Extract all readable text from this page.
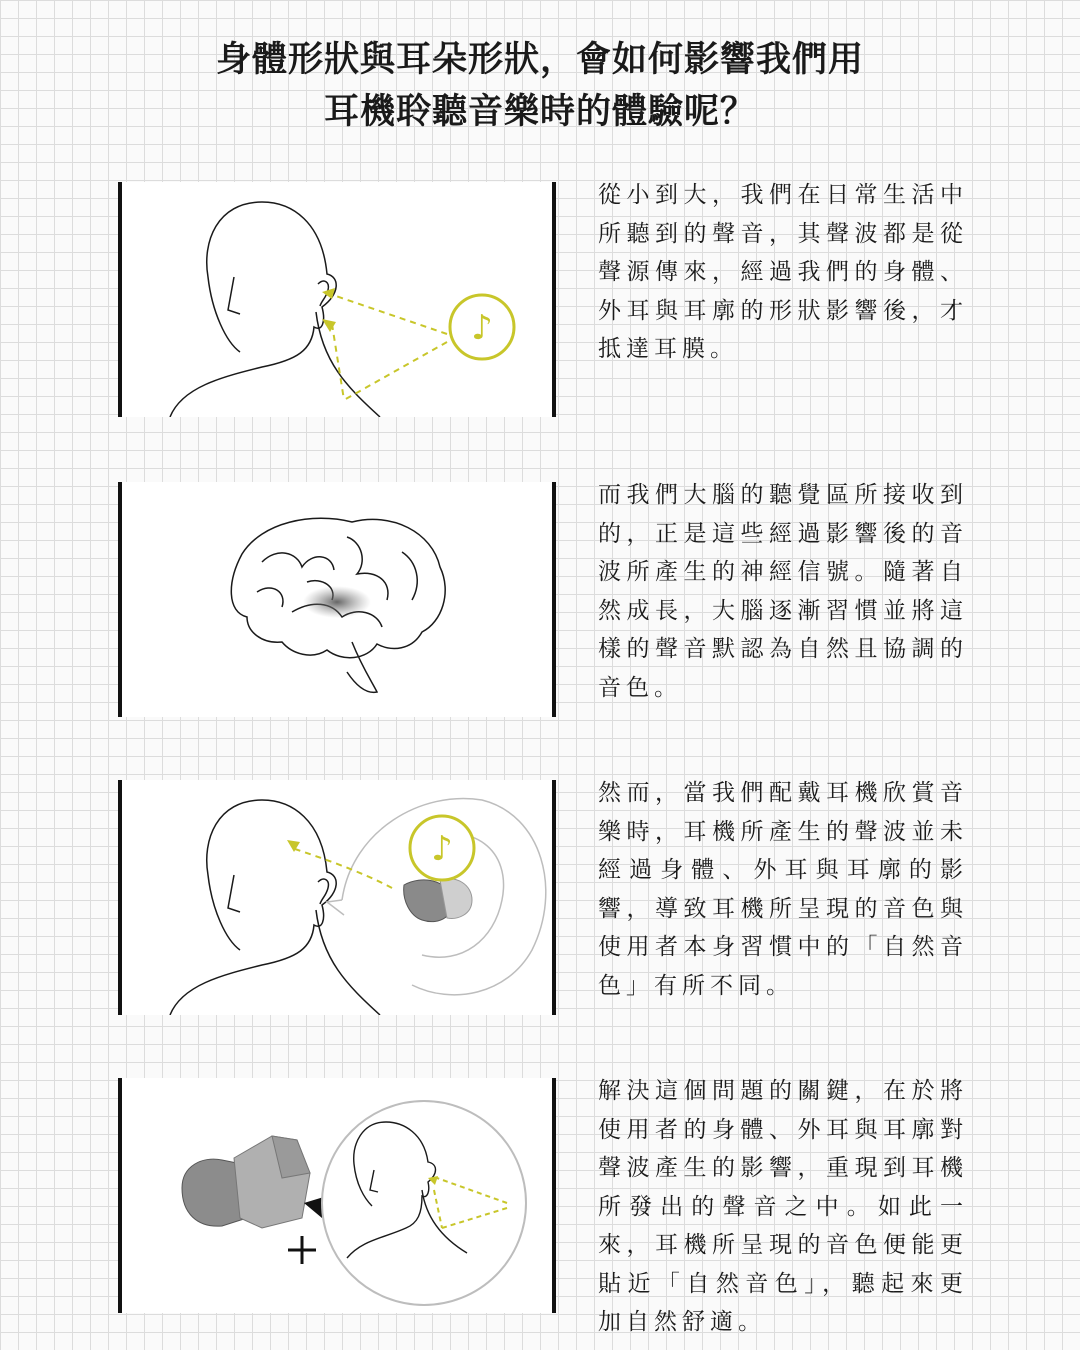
身體形狀與耳朵形狀，會如何影響我們用
耳機聆聽音樂時的體驗呢？
♪
從小到大，我們在日常生活中所聽到的聲音，其聲波都是從聲源傳來，經過我們的身體、外耳與耳廓的形狀影響後，才抵達耳膜。
而我們大腦的聽覺區所接收到的，正是這些經過影響後的音波所產生的神經信號。隨著自然成長，大腦逐漸習慣並將這樣的聲音默認為自然且協調的音色。
♪
然而，當我們配戴耳機欣賞音樂時，耳機所產生的聲波並未經過身體、外耳與耳廓的影響，導致耳機所呈現的音色與使用者本身習慣中的「自然音色」有所不同。
解決這個問題的關鍵，在於將使用者的身體、外耳與耳廓對聲波產生的影響，重現到耳機所發出的聲音之中。如此一來，耳機所呈現的音色便能更貼近「自然音色」，聽起來更加自然舒適。
